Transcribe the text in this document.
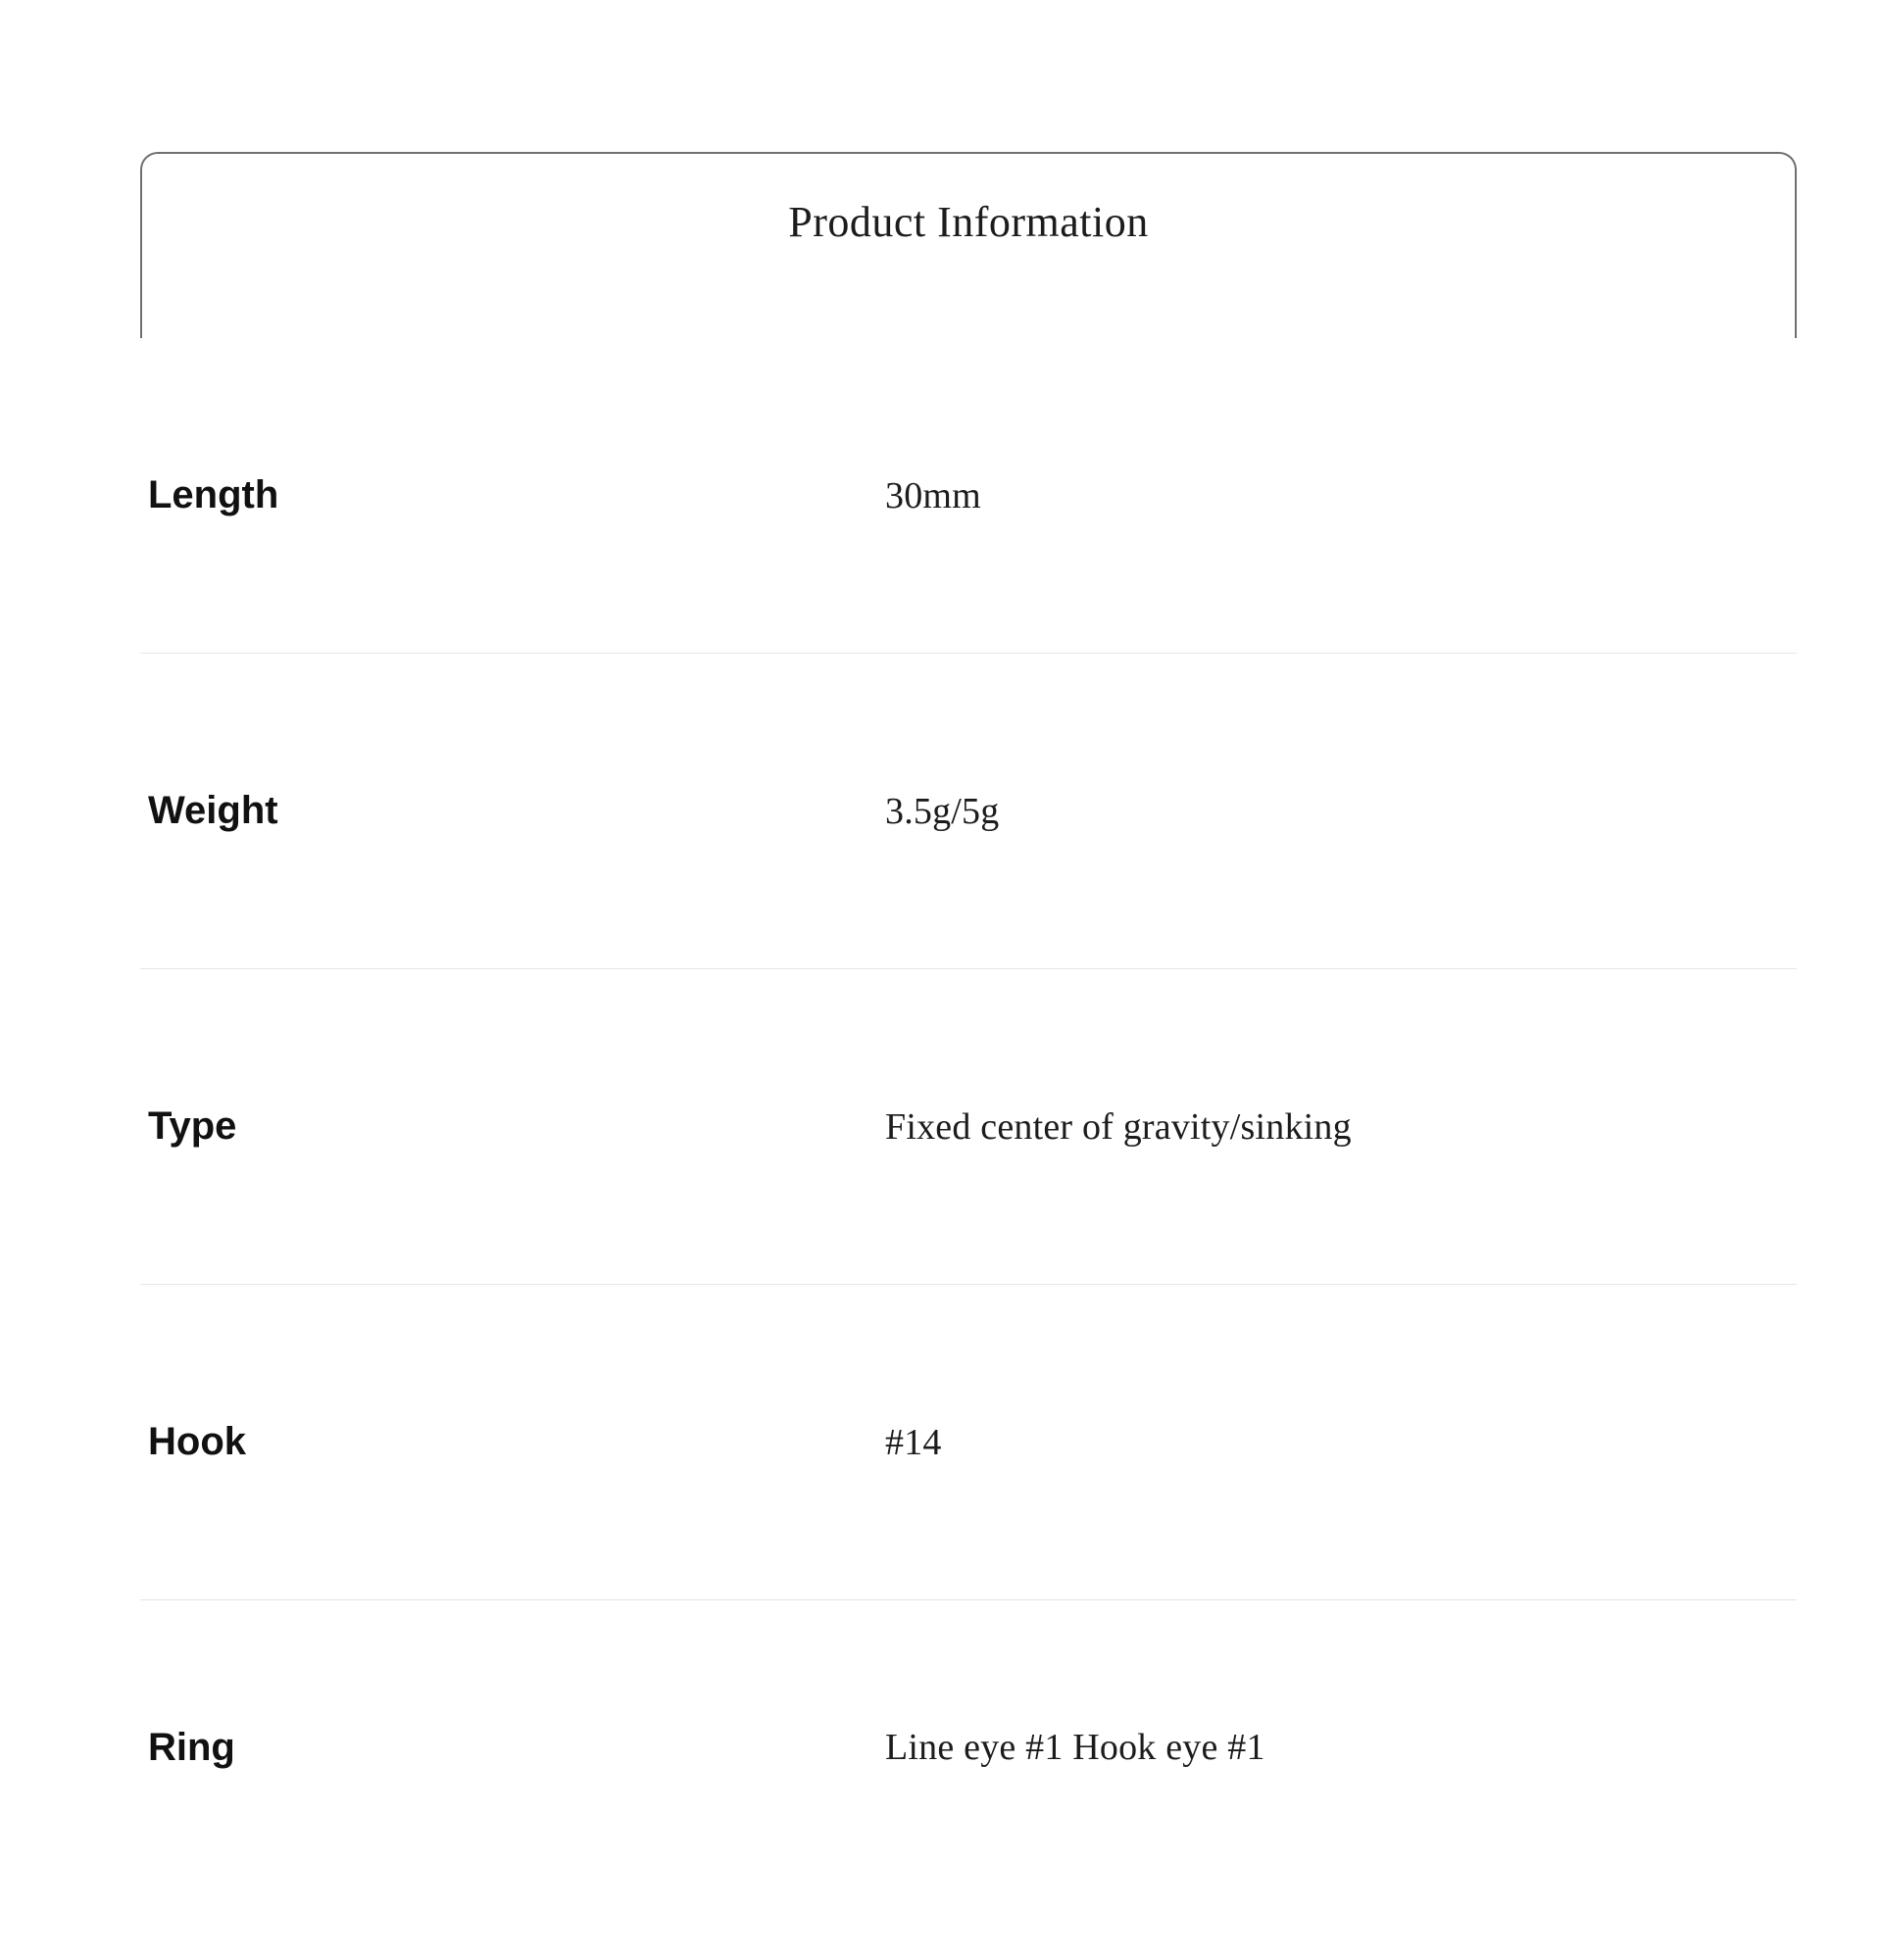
Product Information
Length	30mm
Weight	3.5g/5g
Type	Fixed center of gravity/sinking
Hook	#14
Ring	Line eye #1 Hook eye #1
